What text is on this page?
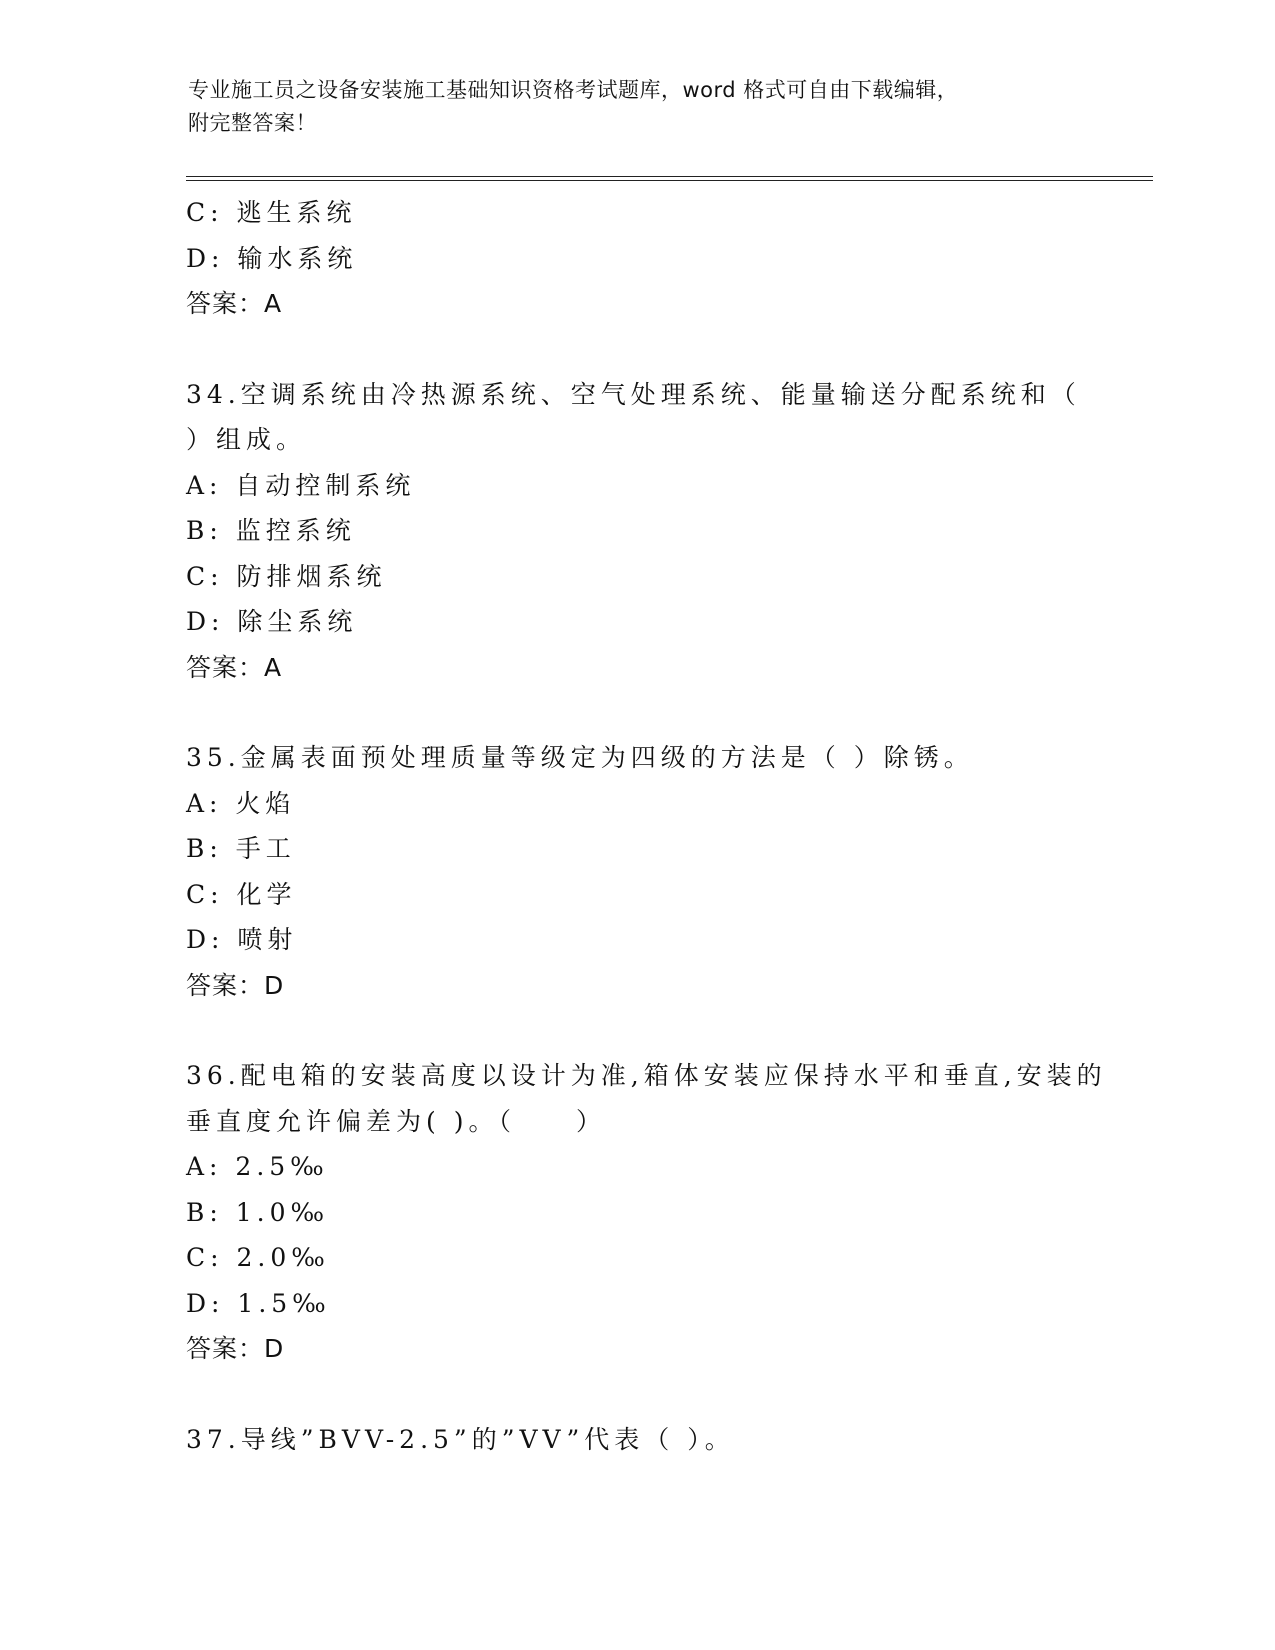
专业施工员之设备安装施工基础知识资格考试题库，word 格式可自由下载编辑，
附完整答案！
C: 逃生系统
D: 输水系统
答案：A
34.空调系统由冷热源系统、空气处理系统、能量输送分配系统和（
）组成。
A: 自动控制系统
B: 监控系统
C: 防排烟系统
D: 除尘系统
答案：A
35.金属表面预处理质量等级定为四级的方法是（ ）除锈。
A: 火焰
B: 手工
C: 化学
D: 喷射
答案：D
36.配电箱的安装高度以设计为准,箱体安装应保持水平和垂直,安装的
垂直度允许偏差为( )。（　　）
A: 2.5‰
B: 1.0‰
C: 2.0‰
D: 1.5‰
答案：D
37.导线”BVV-2.5”的”VV”代表（ ）。
